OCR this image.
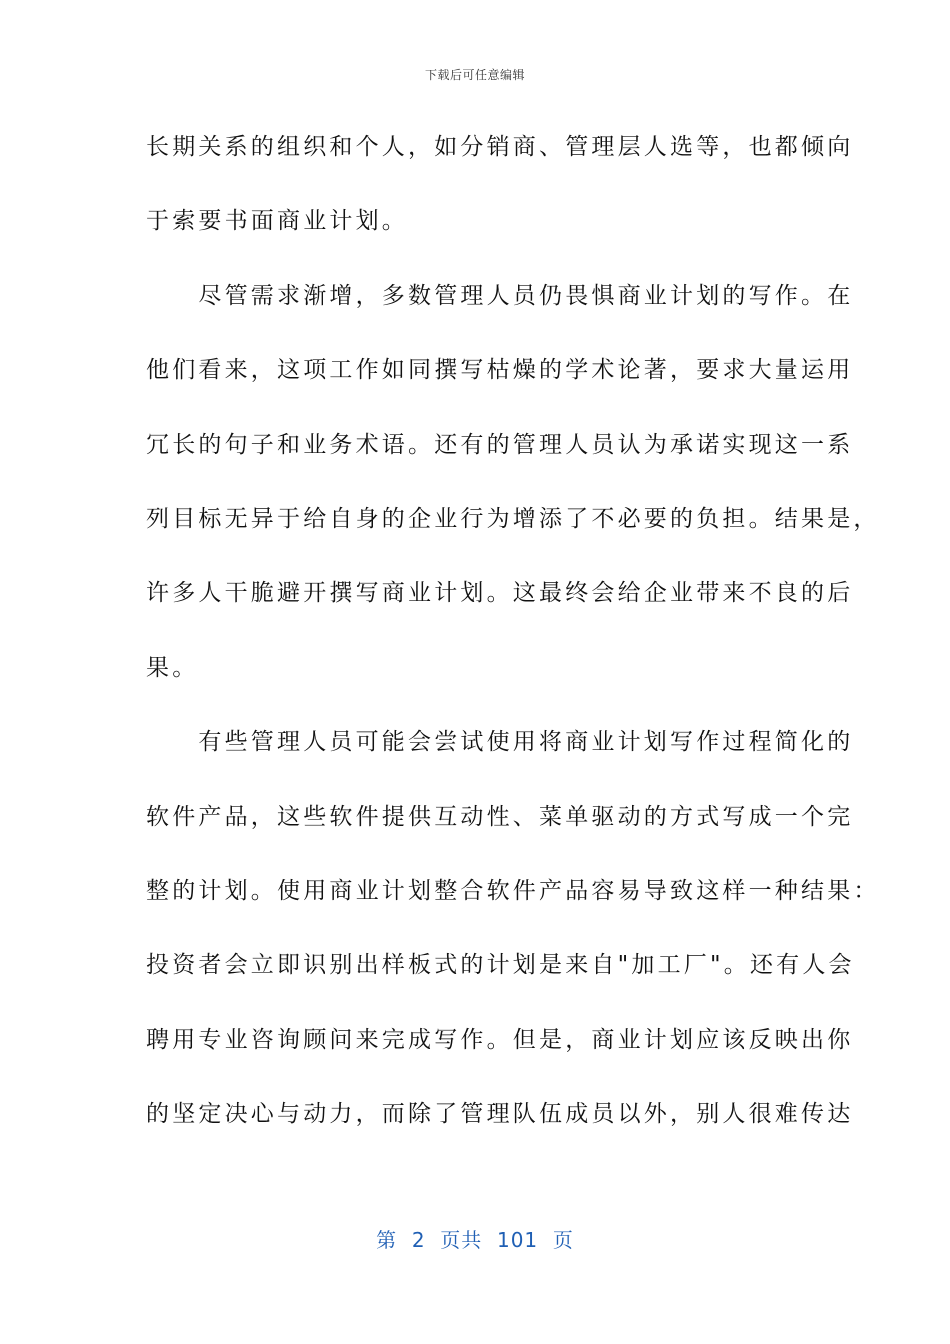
下载后可任意编辑
长期关系的组织和个人，如分销商、管理层人选等，也都倾向
于索要书面商业计划。
　　尽管需求渐增，多数管理人员仍畏惧商业计划的写作。在
他们看来，这项工作如同撰写枯燥的学术论著，要求大量运用
冗长的句子和业务术语。还有的管理人员认为承诺实现这一系
列目标无异于给自身的企业行为增添了不必要的负担。结果是，
许多人干脆避开撰写商业计划。这最终会给企业带来不良的后
果。
　　有些管理人员可能会尝试使用将商业计划写作过程简化的
软件产品，这些软件提供互动性、菜单驱动的方式写成一个完
整的计划。使用商业计划整合软件产品容易导致这样一种结果：
投资者会立即识别出样板式的计划是来自"加工厂"。还有人会
聘用专业咨询顾问来完成写作。但是，商业计划应该反映出你
的坚定决心与动力，而除了管理队伍成员以外，别人很难传达
第  2  页共  101  页
